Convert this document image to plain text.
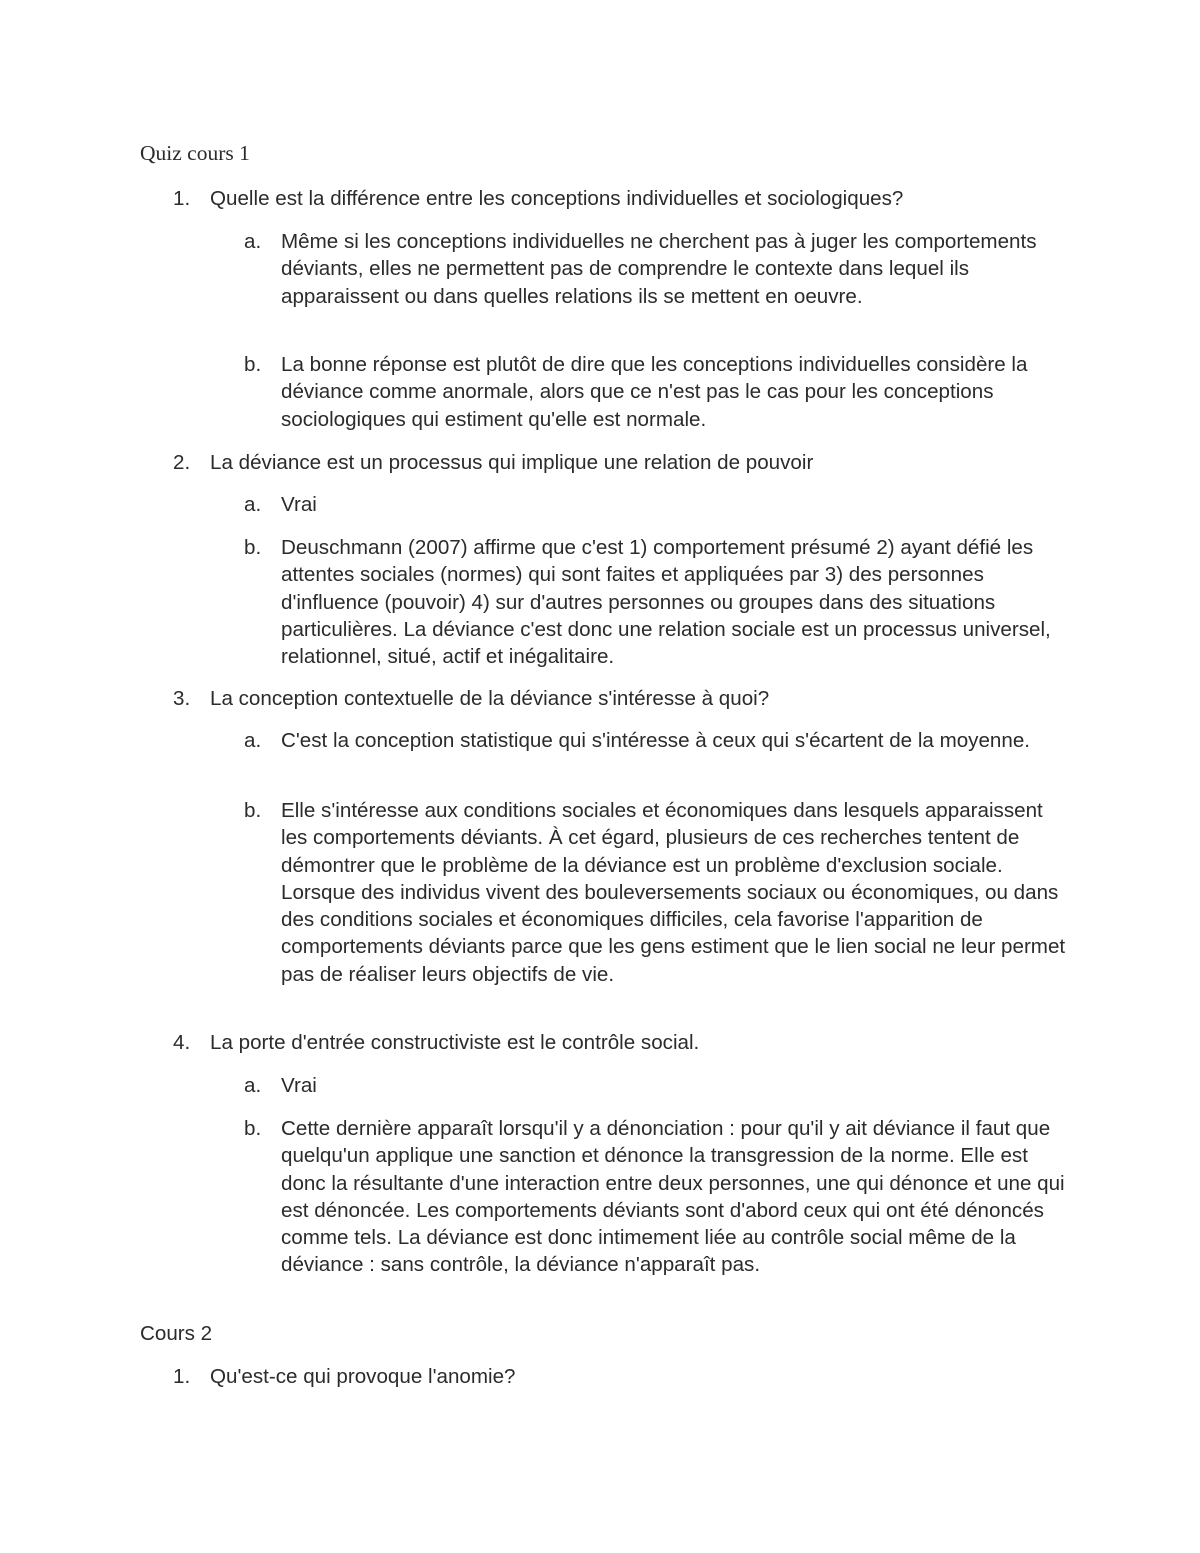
Quiz cours 1
1. Quelle est la différence entre les conceptions individuelles et sociologiques?
a. Même si les conceptions individuelles ne cherchent pas à juger les comportements déviants, elles ne permettent pas de comprendre le contexte dans lequel ils apparaissent ou dans quelles relations ils se mettent en oeuvre.
b. La bonne réponse est plutôt de dire que les conceptions individuelles considère la déviance comme anormale, alors que ce n'est pas le cas pour les conceptions sociologiques qui estiment qu'elle est normale.
2. La déviance est un processus qui implique une relation de pouvoir
a. Vrai
b. Deuschmann (2007) affirme que c'est 1) comportement présumé 2) ayant défié les attentes sociales (normes) qui sont faites et appliquées par 3) des personnes d'influence (pouvoir) 4) sur d'autres personnes ou groupes dans des situations particulières. La déviance c'est donc une relation sociale est un processus universel, relationnel, situé, actif et inégalitaire.
3. La conception contextuelle de la déviance s'intéresse à quoi?
a. C'est la conception statistique qui s'intéresse à ceux qui s'écartent de la moyenne.
b. Elle s'intéresse aux conditions sociales et économiques dans lesquels apparaissent les comportements déviants. À cet égard, plusieurs de ces recherches tentent de démontrer que le problème de la déviance est un problème d'exclusion sociale. Lorsque des individus vivent des bouleversements sociaux ou économiques, ou dans des conditions sociales et économiques difficiles, cela favorise l'apparition de comportements déviants parce que les gens estiment que le lien social ne leur permet pas de réaliser leurs objectifs de vie.
4. La porte d'entrée constructiviste est le contrôle social.
a. Vrai
b. Cette dernière apparaît lorsqu'il y a dénonciation : pour qu'il y ait déviance il faut que quelqu'un applique une sanction et dénonce la transgression de la norme. Elle est donc la résultante d'une interaction entre deux personnes, une qui dénonce et une qui est dénoncée. Les comportements déviants sont d'abord ceux qui ont été dénoncés comme tels. La déviance est donc intimement liée au contrôle social même de la déviance : sans contrôle, la déviance n'apparaît pas.
Cours 2
1. Qu'est-ce qui provoque l'anomie?
